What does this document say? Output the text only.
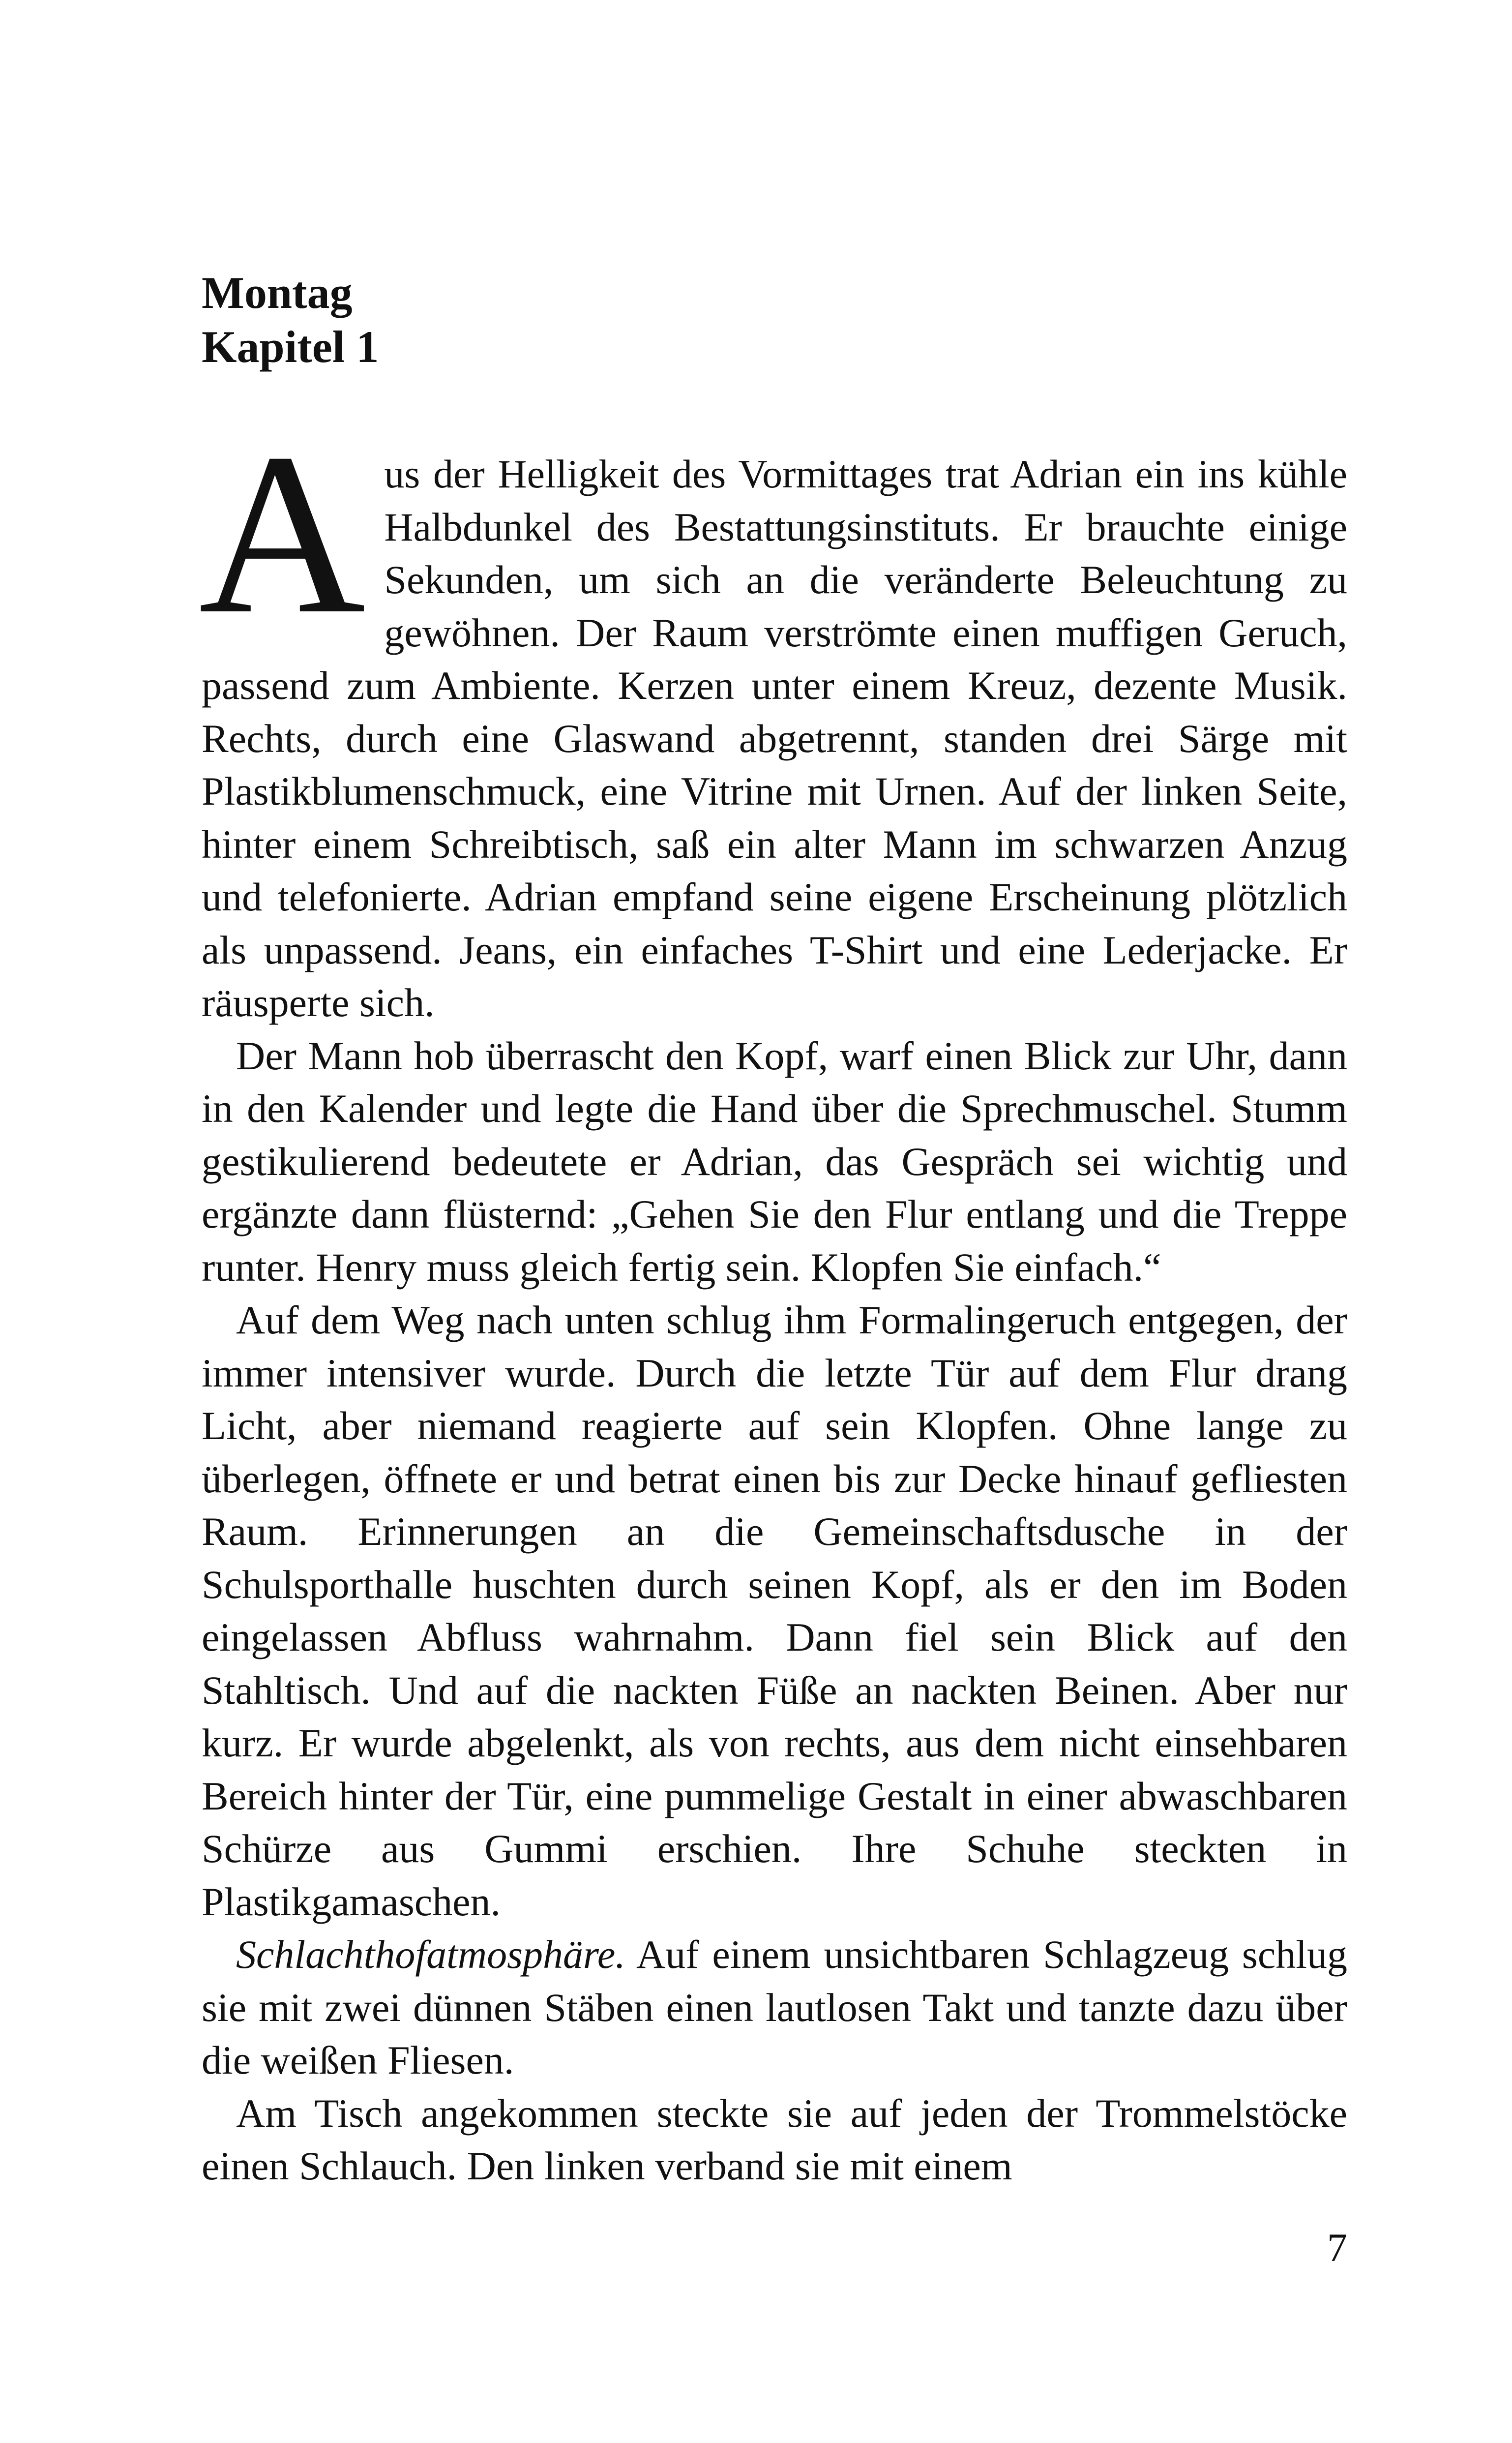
Montag
Kapitel 1

Aus der Helligkeit des Vormittages trat Adrian ein ins kühle Halbdunkel des Bestattungsinstituts. Er brauchte einige Sekunden, um sich an die veränderte Beleuchtung zu gewöhnen. Der Raum verströmte einen muffigen Geruch, passend zum Ambiente. Kerzen unter einem Kreuz, dezente Musik. Rechts, durch eine Glaswand abgetrennt, standen drei Särge mit Plastikblumenschmuck, eine Vitrine mit Urnen. Auf der linken Seite, hinter einem Schreibtisch, saß ein alter Mann im schwarzen Anzug und telefonierte. Adrian empfand seine eigene Erscheinung plötzlich als unpassend. Jeans, ein einfaches T-Shirt und eine Lederjacke. Er räusperte sich.

Der Mann hob überrascht den Kopf, warf einen Blick zur Uhr, dann in den Kalender und legte die Hand über die Sprechmuschel. Stumm gestikulierend bedeutete er Adrian, das Gespräch sei wichtig und ergänzte dann flüsternd: „Gehen Sie den Flur entlang und die Treppe runter. Henry muss gleich fertig sein. Klopfen Sie einfach.“

Auf dem Weg nach unten schlug ihm Formalingeruch entgegen, der immer intensiver wurde. Durch die letzte Tür auf dem Flur drang Licht, aber niemand reagierte auf sein Klopfen. Ohne lange zu überlegen, öffnete er und betrat einen bis zur Decke hinauf gefliesten Raum. Erinnerungen an die Gemeinschaftsdusche in der Schulsporthalle huschten durch seinen Kopf, als er den im Boden eingelassen Abfluss wahrnahm. Dann fiel sein Blick auf den Stahltisch. Und auf die nackten Füße an nackten Beinen. Aber nur kurz. Er wurde abgelenkt, als von rechts, aus dem nicht einsehbaren Bereich hinter der Tür, eine pummelige Gestalt in einer abwaschbaren Schürze aus Gummi erschien. Ihre Schuhe steckten in Plastikgamaschen.

Schlachthofatmosphäre. Auf einem unsichtbaren Schlagzeug schlug sie mit zwei dünnen Stäben einen lautlosen Takt und tanzte dazu über die weißen Fliesen.

Am Tisch angekommen steckte sie auf jeden der Trommelstöcke einen Schlauch. Den linken verband sie mit einem

7
